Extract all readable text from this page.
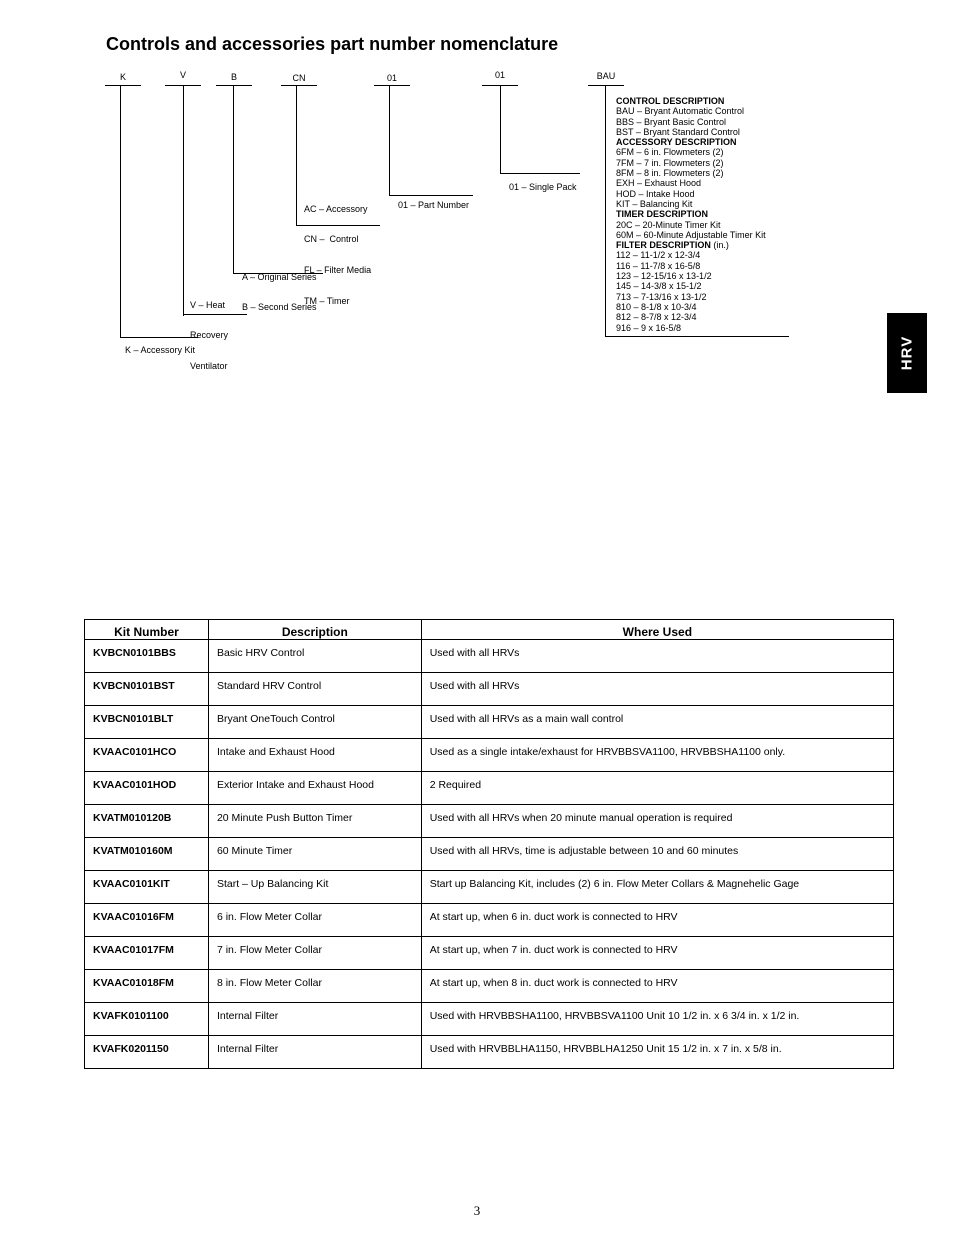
Controls and accessories part number nomenclature
K	V	B	CN	01	01	BAU

K – Accessory Kit

V – Heat

Recovery

Ventilator

A – Original Series

B – Second Series

AC – Accessory

CN –  Control

FL – Filter Media

TM – Timer

01 – Part Number

01 – Single Pack

CONTROL DESCRIPTION
BAU – Bryant Automatic Control
BBS – Bryant Basic Control
BST – Bryant Standard Control
ACCESSORY DESCRIPTION
6FM – 6 in. Flowmeters (2)
7FM – 7 in. Flowmeters (2)
8FM – 8 in. Flowmeters (2)
EXH – Exhaust Hood
HOD – Intake Hood
KIT – Balancing Kit
TIMER DESCRIPTION
20C – 20-Minute Timer Kit
60M – 60-Minute Adjustable Timer Kit
FILTER DESCRIPTION (in.)
112 – 11-1/2 x 12-3/4
116 – 11-7/8 x 16-5/8
123 – 12-15/16 x 13-1/2
145 – 14-3/8 x 15-1/2
713 – 7-13/16 x 13-1/2
810 – 8-1/8 x 10-3/4
812 – 8-7/8 x 12-3/4
916 – 9 x 16-5/8
HRV
Kit Number	Description	Where Used
KVBCN0101BBS	Basic HRV Control	Used with all HRVs
KVBCN0101BST	Standard HRV Control	Used with all HRVs
KVBCN0101BLT	Bryant OneTouch Control	Used with all HRVs as a main wall control
KVAAC0101HCO	Intake and Exhaust Hood	Used as a single intake/exhaust for HRVBBSVA1100, HRVBBSHA1100 only.
KVAAC0101HOD	Exterior Intake and Exhaust Hood	2 Required
KVATM010120B	20 Minute Push Button Timer	Used with all HRVs when 20 minute manual operation is required
KVATM010160M	60 Minute Timer	Used with all HRVs, time is adjustable between 10 and 60 minutes
KVAAC0101KIT	Start – Up Balancing Kit	Start up Balancing Kit, includes (2) 6 in. Flow Meter Collars & Magnehelic Gage
KVAAC01016FM	6 in. Flow Meter Collar	At start up, when 6 in. duct work is connected to HRV
KVAAC01017FM	7 in. Flow Meter Collar	At start up, when 7 in. duct work is connected to HRV
KVAAC01018FM	8 in. Flow Meter Collar	At start up, when 8 in. duct work is connected to HRV
KVAFK0101100	Internal Filter	Used with HRVBBSHA1100, HRVBBSVA1100 Unit 10 1/2 in. x 6 3/4 in. x 1/2 in.
KVAFK0201150	Internal Filter	Used with HRVBBLHA1150, HRVBBLHA1250 Unit 15 1/2 in. x 7 in. x 5/8 in.
3
